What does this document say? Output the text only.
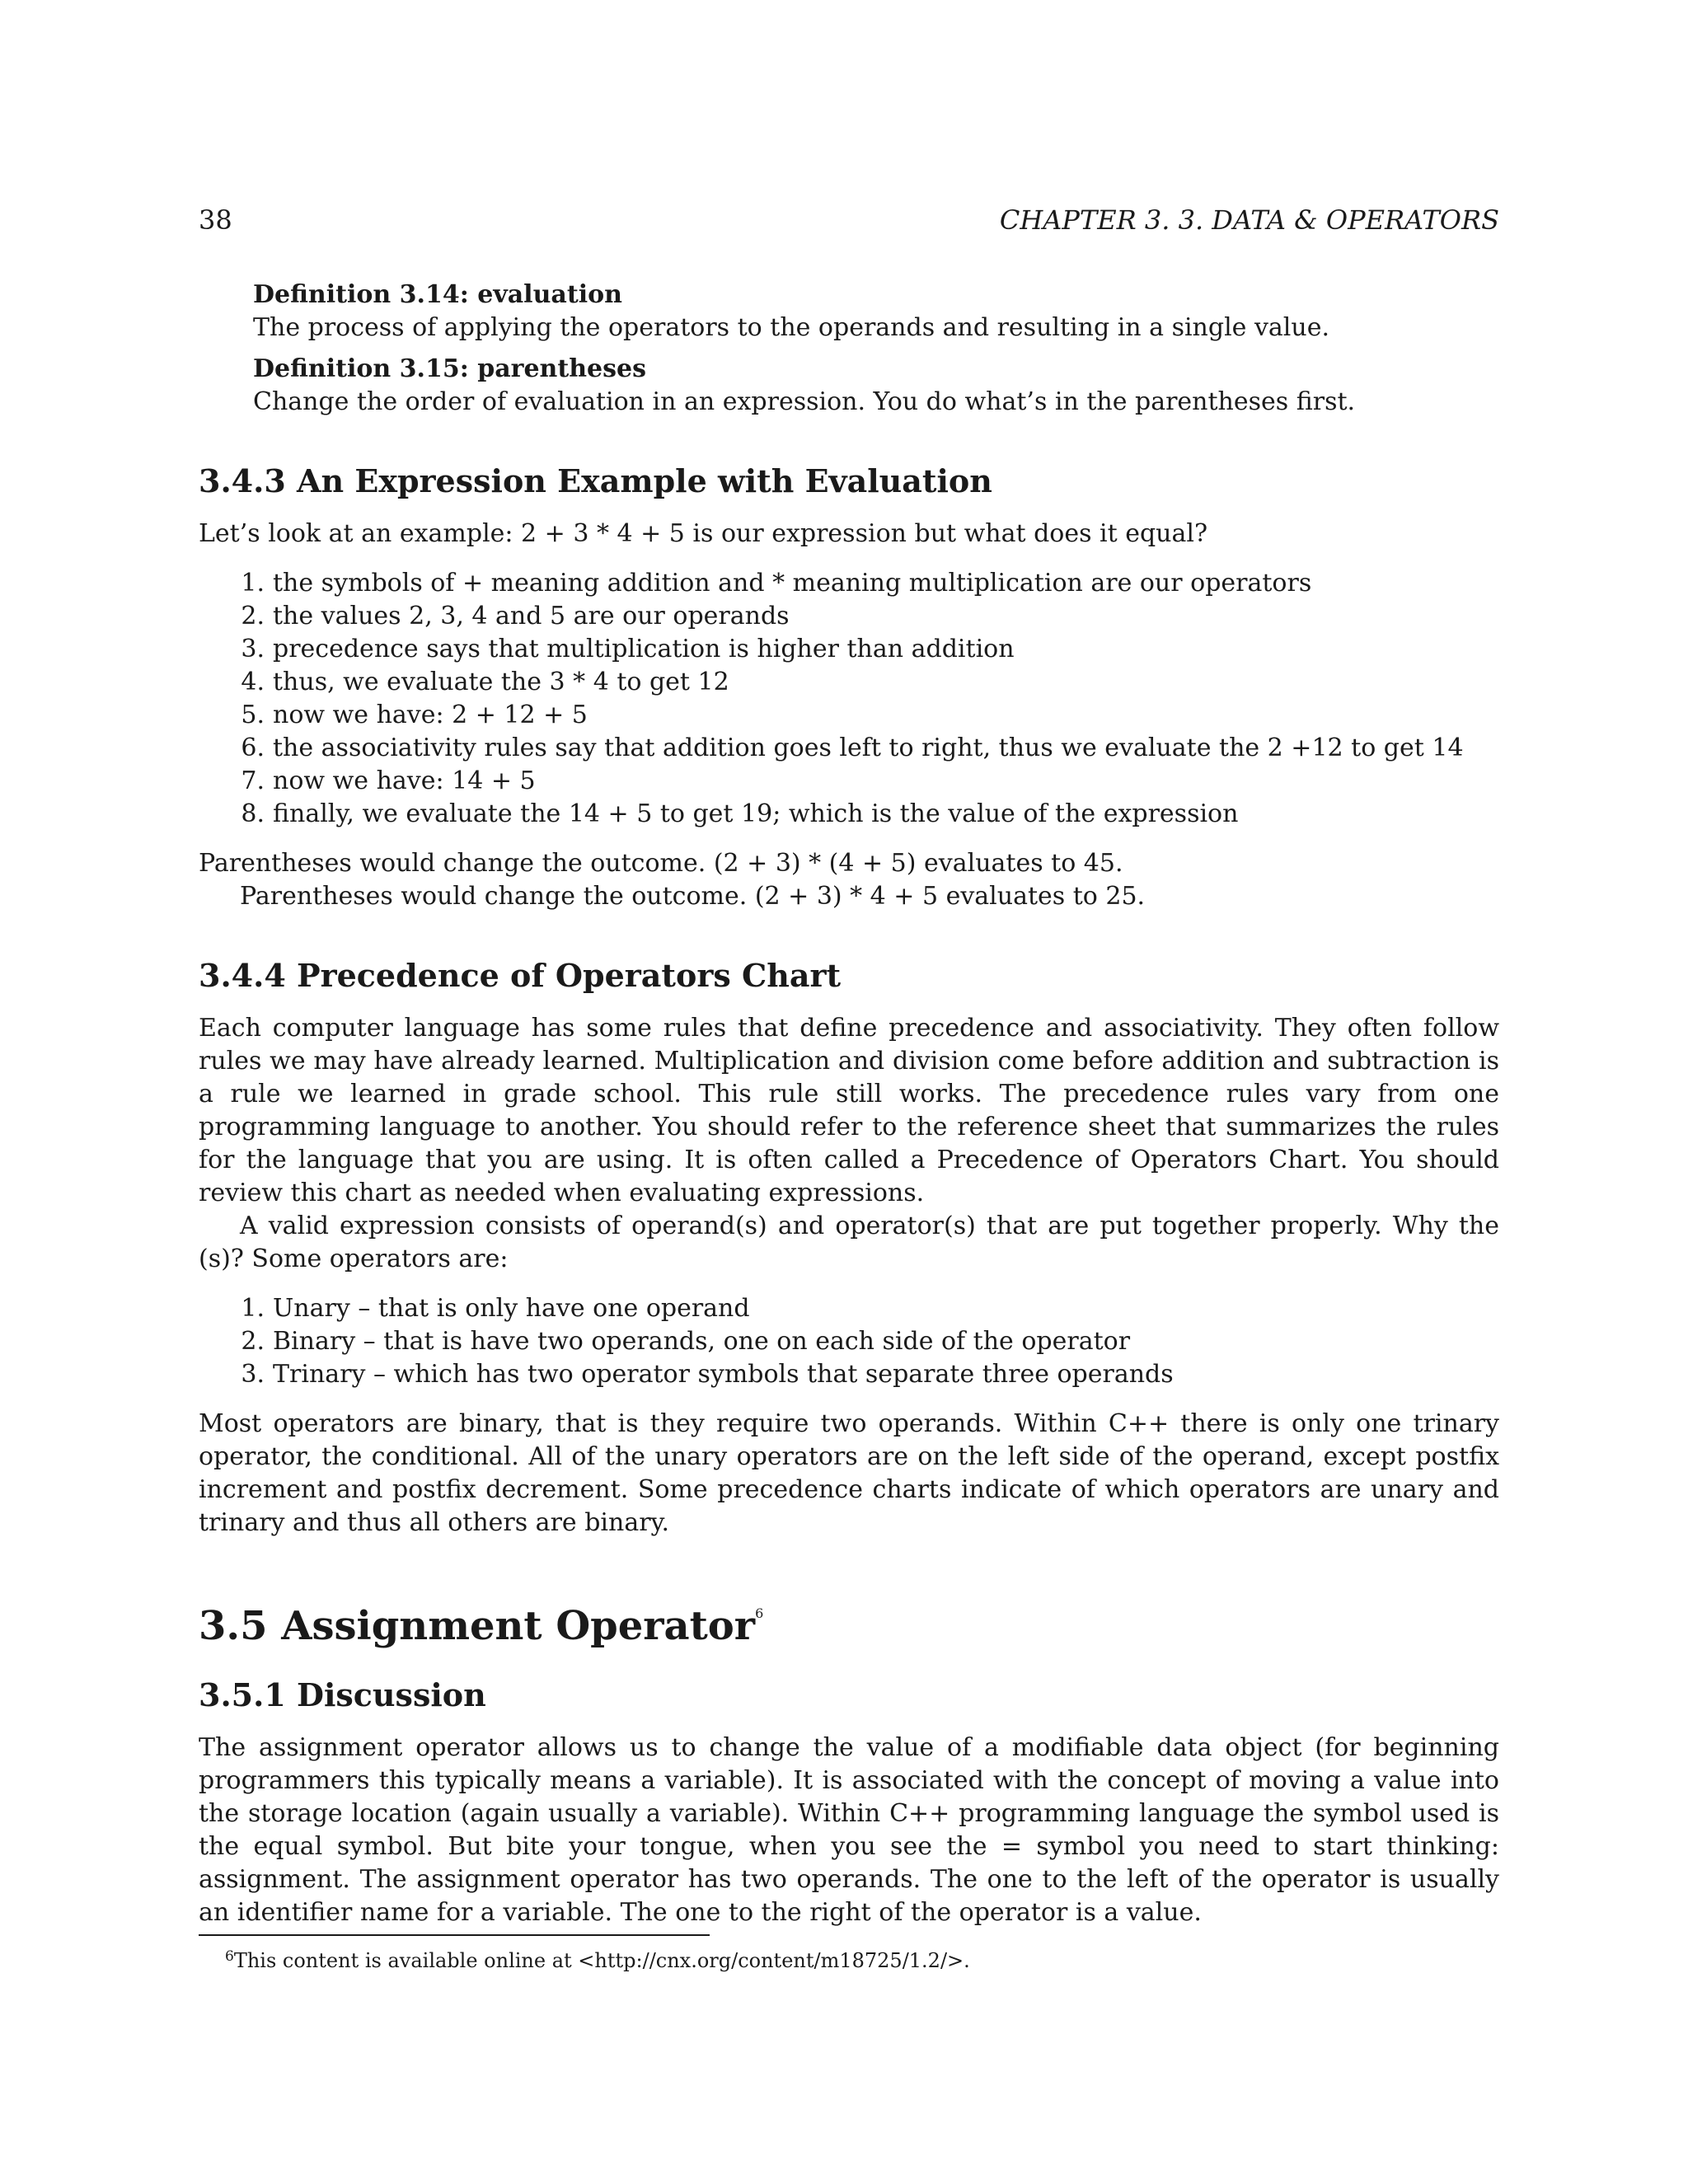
38	CHAPTER 3. 3. DATA & OPERATORS

Definition 3.14: evaluation

The process of applying the operators to the operands and resulting in a single value.

Definition 3.15: parentheses

Change the order of evaluation in an expression. You do what’s in the parentheses first.

3.4.3 An Expression Example with Evaluation

Let’s look at an example: 2 + 3 * 4 + 5 is our expression but what does it equal?

1. the symbols of + meaning addition and * meaning multiplication are our operators
2. the values 2, 3, 4 and 5 are our operands
3. precedence says that multiplication is higher than addition
4. thus, we evaluate the 3 * 4 to get 12
5. now we have: 2 + 12 + 5
6. the associativity rules say that addition goes left to right, thus we evaluate the 2 +12 to get 14
7. now we have: 14 + 5
8. finally, we evaluate the 14 + 5 to get 19; which is the value of the expression

Parentheses would change the outcome. (2 + 3) * (4 + 5) evaluates to 45.

Parentheses would change the outcome. (2 + 3) * 4 + 5 evaluates to 25.

3.4.4 Precedence of Operators Chart

Each computer language has some rules that define precedence and associativity. They often follow rules we may have already learned. Multiplication and division come before addition and subtraction is a rule we learned in grade school. This rule still works. The precedence rules vary from one programming language to another. You should refer to the reference sheet that summarizes the rules for the language that you are using. It is often called a Precedence of Operators Chart. You should review this chart as needed when evaluating expressions.

A valid expression consists of operand(s) and operator(s) that are put together properly. Why the (s)? Some operators are:

1. Unary – that is only have one operand
2. Binary – that is have two operands, one on each side of the operator
3. Trinary – which has two operator symbols that separate three operands

Most operators are binary, that is they require two operands. Within C++ there is only one trinary operator, the conditional. All of the unary operators are on the left side of the operand, except postfix increment and postfix decrement. Some precedence charts indicate of which operators are unary and trinary and thus all others are binary.

3.5 Assignment Operator$^6$
3.5.1 Discussion

The assignment operator allows us to change the value of a modifiable data object (for beginning programmers this typically means a variable). It is associated with the concept of moving a value into the storage location (again usually a variable). Within C++ programming language the symbol used is the equal symbol. But bite your tongue, when you see the = symbol you need to start thinking: assignment. The assignment operator has two operands. The one to the left of the operator is usually an identifier name for a variable. The one to the right of the operator is a value.

$^6$This content is available online at <http://cnx.org/content/m18725/1.2/>.
